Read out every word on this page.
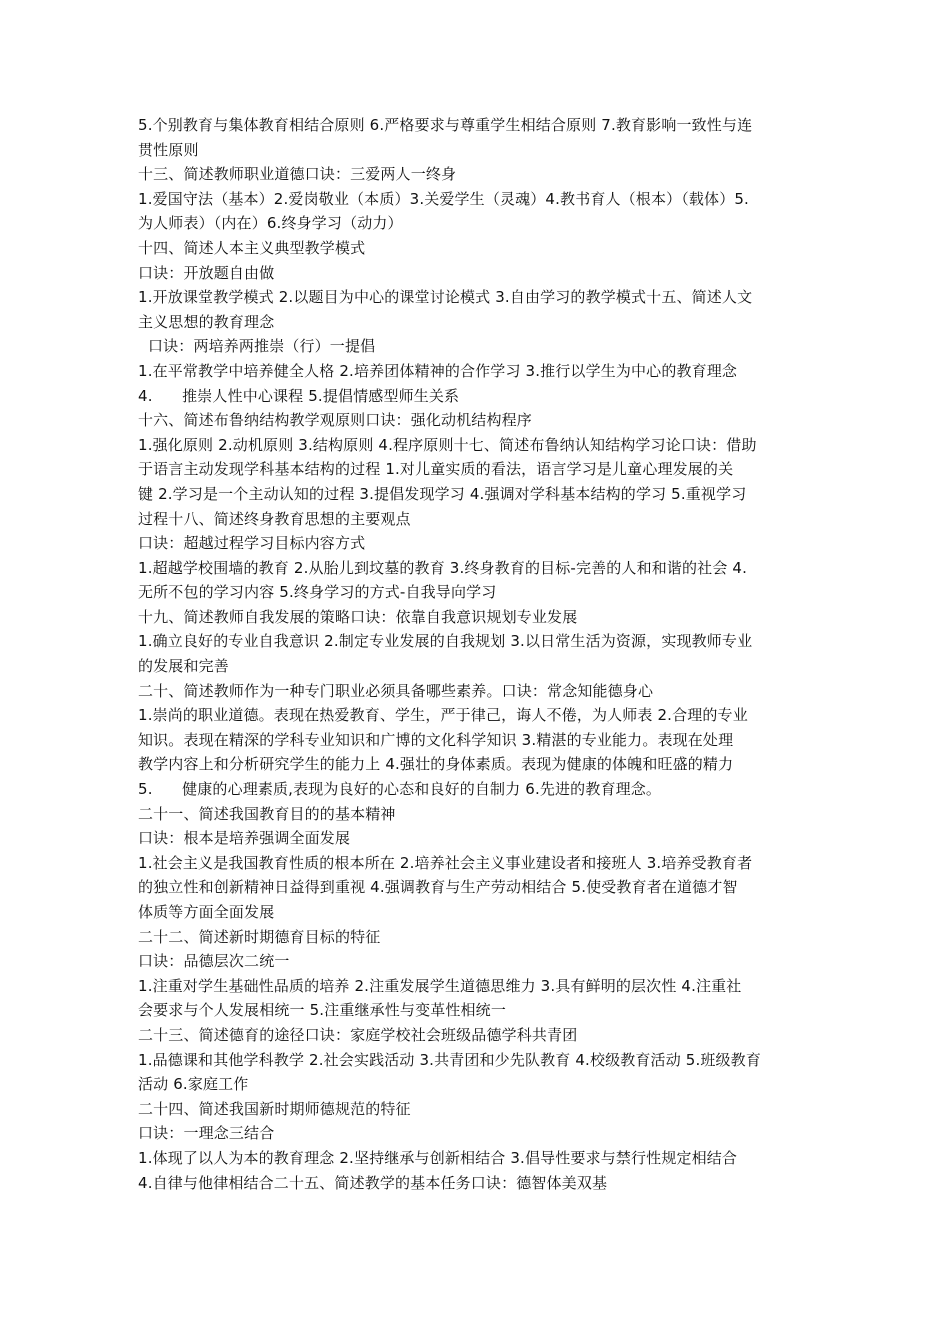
5.个别教育与集体教育相结合原则 6.严格要求与尊重学生相结合原则 7.教育影响一致性与连
贯性原则
十三、简述教师职业道德口诀：三爱两人一终身
1.爱国守法（基本）2.爱岗敬业（本质）3.关爱学生（灵魂）4.教书育人（根本）（载体）5.
为人师表）（内在）6.终身学习（动力）
十四、简述人本主义典型教学模式
口诀：开放题自由做
1.开放课堂教学模式 2.以题目为中心的课堂讨论模式 3.自由学习的教学模式十五、简述人文
主义思想的教育理念
口诀：两培养两推崇（行）一提倡
1.在平常教学中培养健全人格 2.培养团体精神的合作学习 3.推行以学生为中心的教育理念
4.      推崇人性中心课程 5.提倡情感型师生关系
十六、简述布鲁纳结构教学观原则口诀：强化动机结构程序
1.强化原则 2.动机原则 3.结构原则 4.程序原则十七、简述布鲁纳认知结构学习论口诀：借助
于语言主动发现学科基本结构的过程 1.对儿童实质的看法，语言学习是儿童心理发展的关
键 2.学习是一个主动认知的过程 3.提倡发现学习 4.强调对学科基本结构的学习 5.重视学习
过程十八、简述终身教育思想的主要观点
口诀：超越过程学习目标内容方式
1.超越学校围墙的教育 2.从胎儿到坟墓的教育 3.终身教育的目标-完善的人和和谐的社会 4.
无所不包的学习内容 5.终身学习的方式-自我导向学习
十九、简述教师自我发展的策略口诀：依靠自我意识规划专业发展
1.确立良好的专业自我意识 2.制定专业发展的自我规划 3.以日常生活为资源，实现教师专业
的发展和完善
二十、简述教师作为一种专门职业必须具备哪些素养。口诀：常念知能德身心
1.崇尚的职业道德。表现在热爱教育、学生，严于律己，诲人不倦，为人师表 2.合理的专业
知识。表现在精深的学科专业知识和广博的文化科学知识 3.精湛的专业能力。表现在处理
教学内容上和分析研究学生的能力上 4.强壮的身体素质。表现为健康的体魄和旺盛的精力
5.      健康的心理素质,表现为良好的心态和良好的自制力 6.先进的教育理念。
二十一、简述我国教育目的的基本精神
口诀：根本是培养强调全面发展
1.社会主义是我国教育性质的根本所在 2.培养社会主义事业建设者和接班人 3.培养受教育者
的独立性和创新精神日益得到重视 4.强调教育与生产劳动相结合 5.使受教育者在道德才智
体质等方面全面发展
二十二、简述新时期德育目标的特征
口诀：品德层次二统一
1.注重对学生基础性品质的培养 2.注重发展学生道德思维力 3.具有鲜明的层次性 4.注重社
会要求与个人发展相统一 5.注重继承性与变革性相统一
二十三、简述德育的途径口诀：家庭学校社会班级品德学科共青团
1.品德课和其他学科教学 2.社会实践活动 3.共青团和少先队教育 4.校级教育活动 5.班级教育
活动 6.家庭工作
二十四、简述我国新时期师德规范的特征
口诀：一理念三结合
1.体现了以人为本的教育理念 2.坚持继承与创新相结合 3.倡导性要求与禁行性规定相结合
4.自律与他律相结合二十五、简述教学的基本任务口诀：德智体美双基
